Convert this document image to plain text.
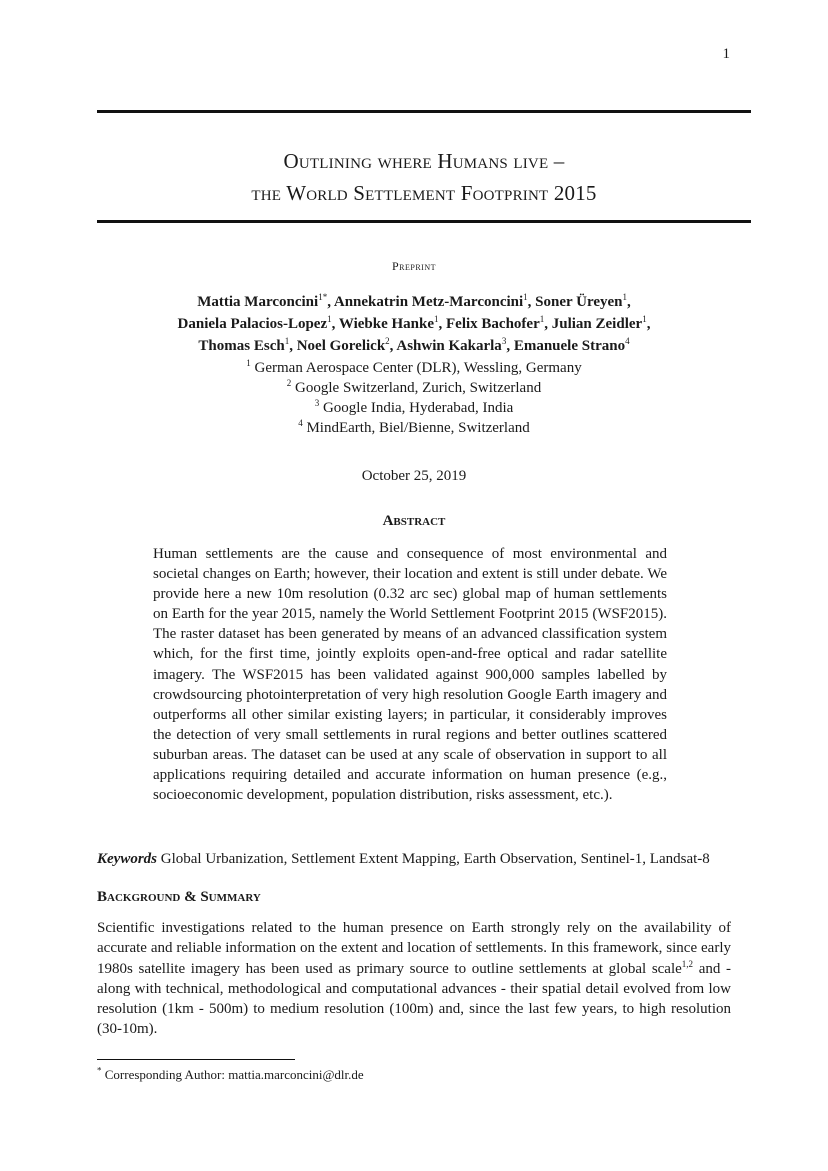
1
Outlining where Humans live –
the World Settlement Footprint 2015
Preprint
Mattia Marconcini$^{1*}$, Annekatrin Metz-Marconcini$^1$, Soner Üreyen$^1$,
Daniela Palacios-Lopez$^1$, Wiebke Hanke$^1$, Felix Bachofer$^1$, Julian Zeidler$^1$,
Thomas Esch$^1$, Noel Gorelick$^2$, Ashwin Kakarla$^3$, Emanuele Strano$^4$
$^1$ German Aerospace Center (DLR), Wessling, Germany
$^2$ Google Switzerland, Zurich, Switzerland
$^3$ Google India, Hyderabad, India
$^4$ MindEarth, Biel/Bienne, Switzerland
October 25, 2019
Abstract
Human settlements are the cause and consequence of most environmental and societal changes on Earth; however, their location and extent is still under debate. We provide here a new 10m resolution (0.32 arc sec) global map of human settlements on Earth for the year 2015, namely the World Settlement Footprint 2015 (WSF2015). The raster dataset has been generated by means of an advanced classification system which, for the first time, jointly exploits open-and-free optical and radar satellite imagery. The WSF2015 has been validated against 900,000 samples labelled by crowdsourcing photointerpretation of very high resolution Google Earth imagery and outperforms all other similar existing layers; in particular, it considerably improves the detection of very small settlements in rural regions and better outlines scattered suburban areas. The dataset can be used at any scale of observation in support to all applications requiring detailed and accurate information on human presence (e.g., socioeconomic development, population distribution, risks assessment, etc.).
Keywords Global Urbanization, Settlement Extent Mapping, Earth Observation, Sentinel-1, Landsat-8
Background & Summary
Scientific investigations related to the human presence on Earth strongly rely on the availability of accurate and reliable information on the extent and location of settlements. In this framework, since early 1980s satellite imagery has been used as primary source to outline settlements at global scale$^{1,2}$ and - along with technical, methodological and computational advances - their spatial detail evolved from low resolution (1km - 500m) to medium resolution (100m) and, since the last few years, to high resolution (30-10m).
* Corresponding Author: mattia.marconcini@dlr.de
